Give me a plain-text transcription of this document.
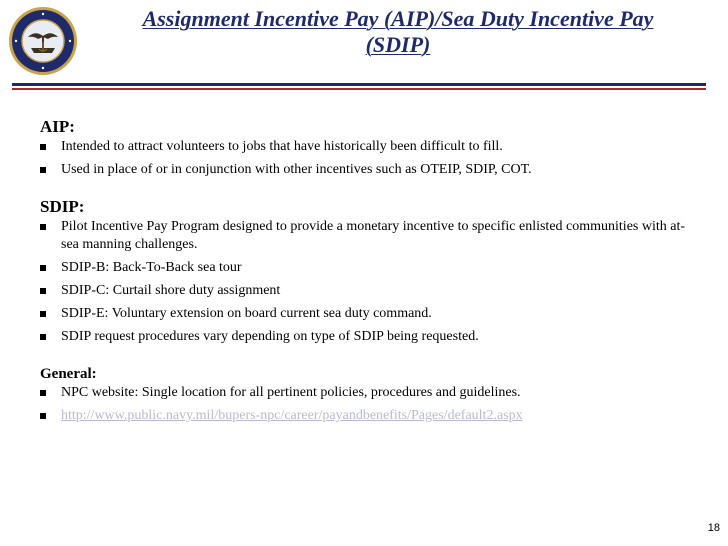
Assignment Incentive Pay (AIP)/Sea Duty Incentive Pay
(SDIP)

AIP:

Intended to attract volunteers to jobs that have historically been difficult to fill.
Used in place of or in conjunction with other incentives such as OTEIP, SDIP, COT.

SDIP:

Pilot Incentive Pay Program designed to provide a monetary incentive to specific enlisted communities with at-sea manning challenges.
SDIP-B: Back-To-Back sea tour
SDIP-C: Curtail shore duty assignment
SDIP-E: Voluntary extension on board current sea duty command.
SDIP request procedures vary depending on type of SDIP being requested.

General:

NPC website: Single location for all pertinent policies, procedures and guidelines.
http://www.public.navy.mil/bupers-npc/career/payandbenefits/Pages/default2.aspx
18
